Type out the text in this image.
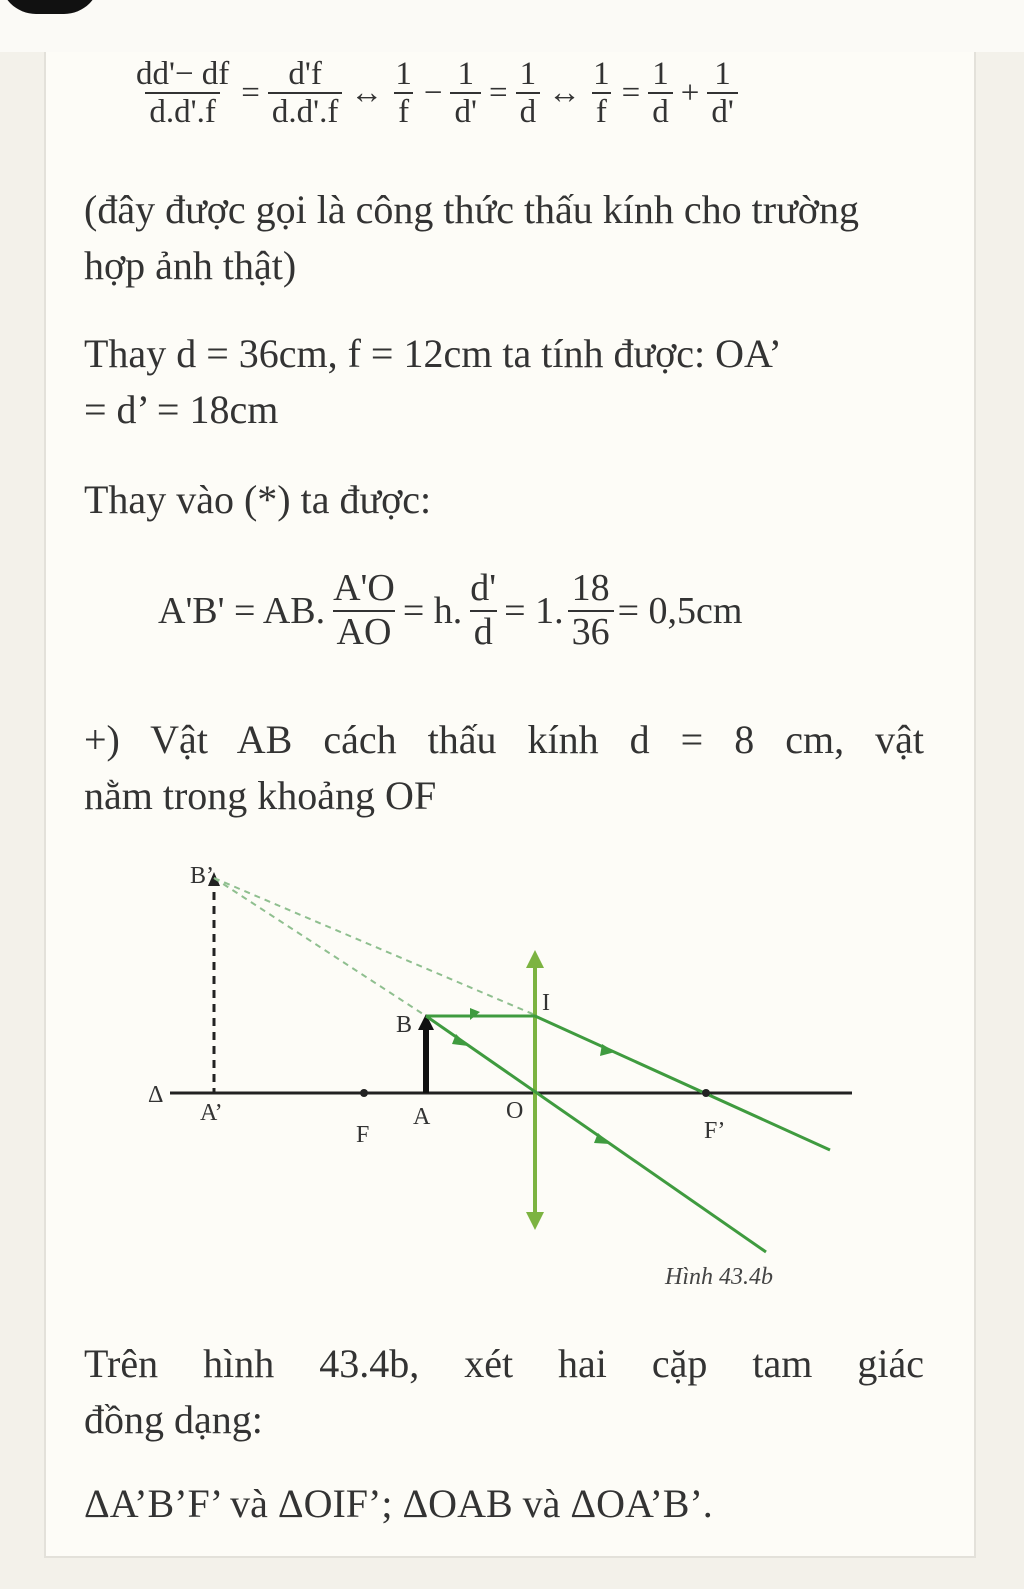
$\frac{dd'- df}{d.d'.f} = \frac{d'f}{d.d'.f}$ ↔ $\frac{1}{f} - \frac{1}{d'} = \frac{1}{d}$ ↔ $\frac{1}{f} = \frac{1}{d} + \frac{1}{d'}$

(đây được gọi là công thức thấu kính cho trường hợp ảnh thật)

Thay d = 36cm, f = 12cm ta tính được: OA’

= d’ = 18cm

Thay vào (*) ta được:

A'B' = AB. $\frac{A'O}{AO} = h$. $\frac{d'}{d} = 1$. $\frac{18}{36} = 0,5cm$

+) Vật AB cách thấu kính d = 8 cm, vật

nằm trong khoảng OF

B’
B
Δ
A’
F
A	O
I
F’
Hình 43.4b

Trên hình 43.4b, xét hai cặp tam giác

đồng dạng:

ΔA’B’F’ và ΔOIF’; ΔOAB và ΔOA’B’.
